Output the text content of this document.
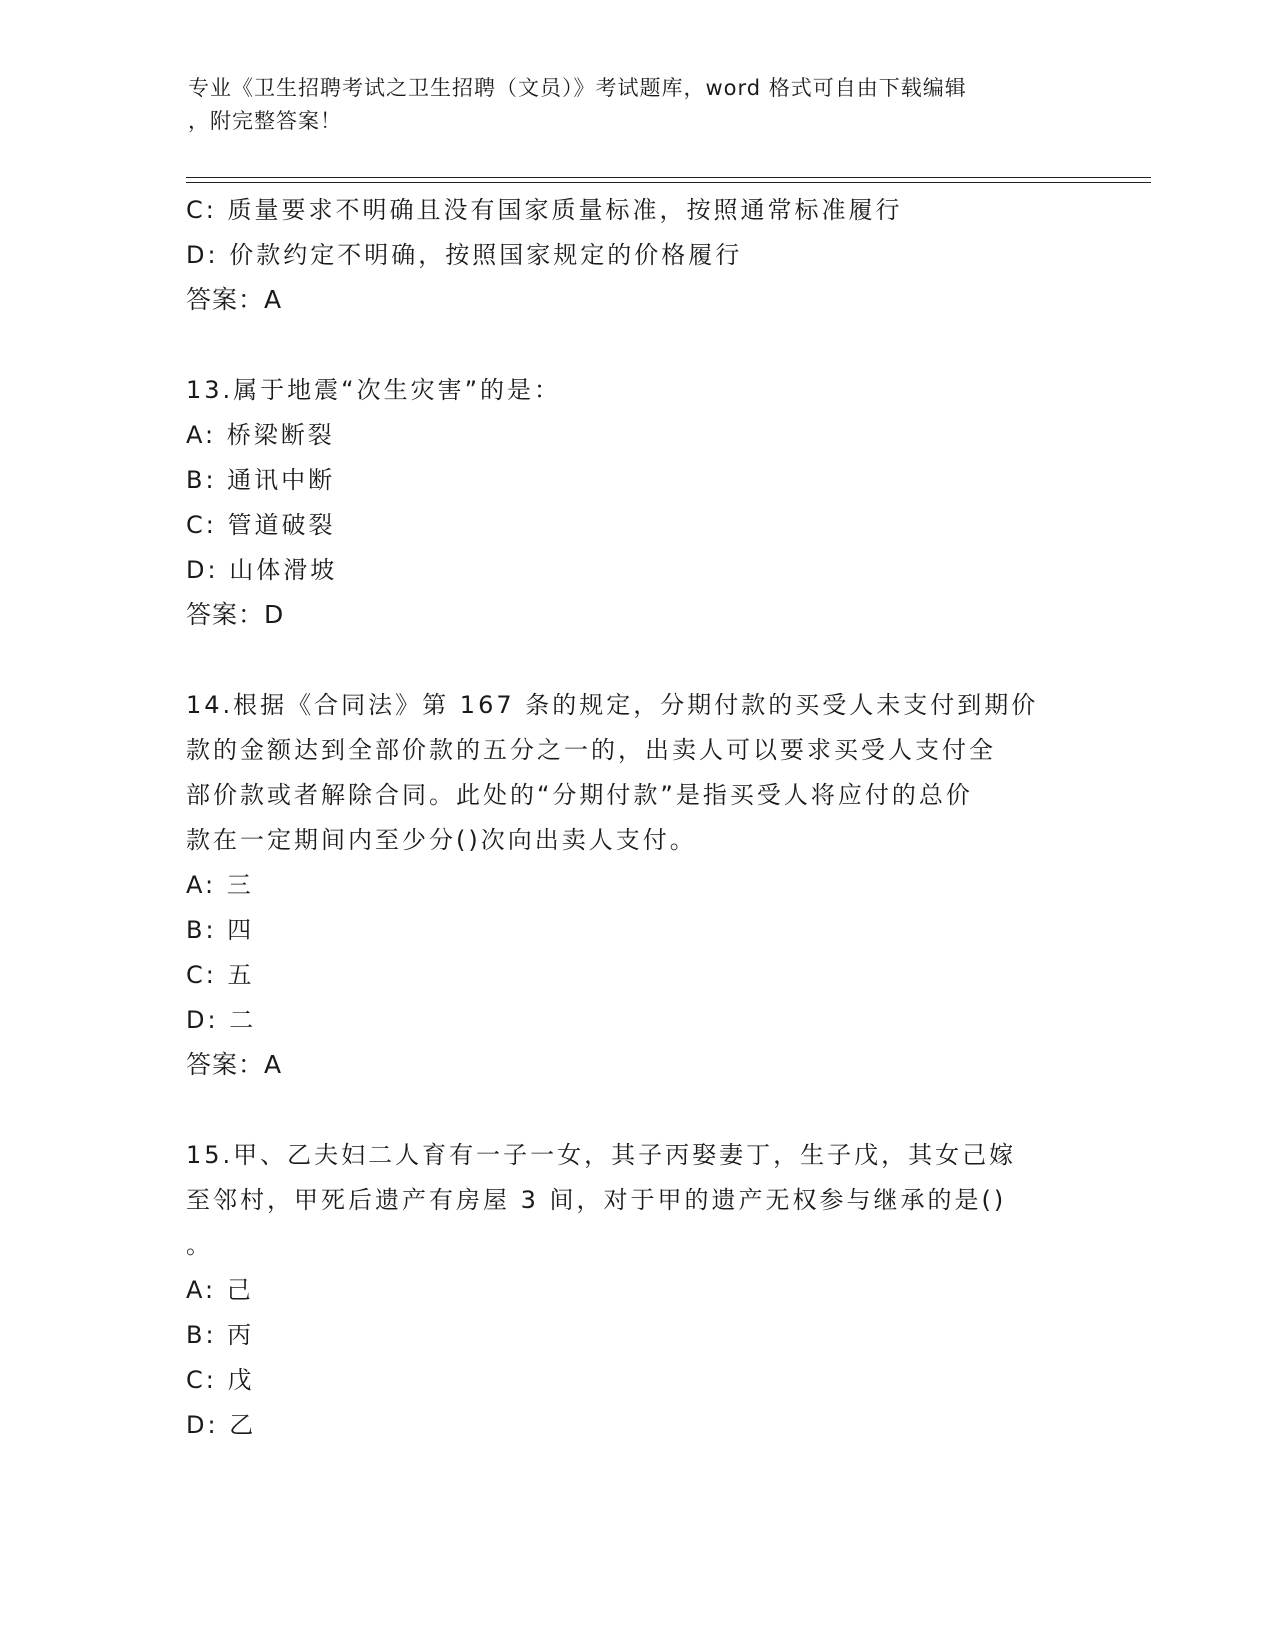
专业《卫生招聘考试之卫生招聘（文员）》考试题库，word 格式可自由下载编辑
，附完整答案！
C: 质量要求不明确且没有国家质量标准，按照通常标准履行
D: 价款约定不明确，按照国家规定的价格履行
答案：A
13.属于地震“次生灾害”的是：
A: 桥梁断裂
B: 通讯中断
C: 管道破裂
D: 山体滑坡
答案：D
14.根据《合同法》第 167 条的规定，分期付款的买受人未支付到期价
款的金额达到全部价款的五分之一的，出卖人可以要求买受人支付全
部价款或者解除合同。此处的“分期付款”是指买受人将应付的总价
款在一定期间内至少分()次向出卖人支付。
A: 三
B: 四
C: 五
D: 二
答案：A
15.甲、乙夫妇二人育有一子一女，其子丙娶妻丁，生子戊，其女己嫁
至邻村，甲死后遗产有房屋 3 间，对于甲的遗产无权参与继承的是()
。
A: 己
B: 丙
C: 戊
D: 乙
